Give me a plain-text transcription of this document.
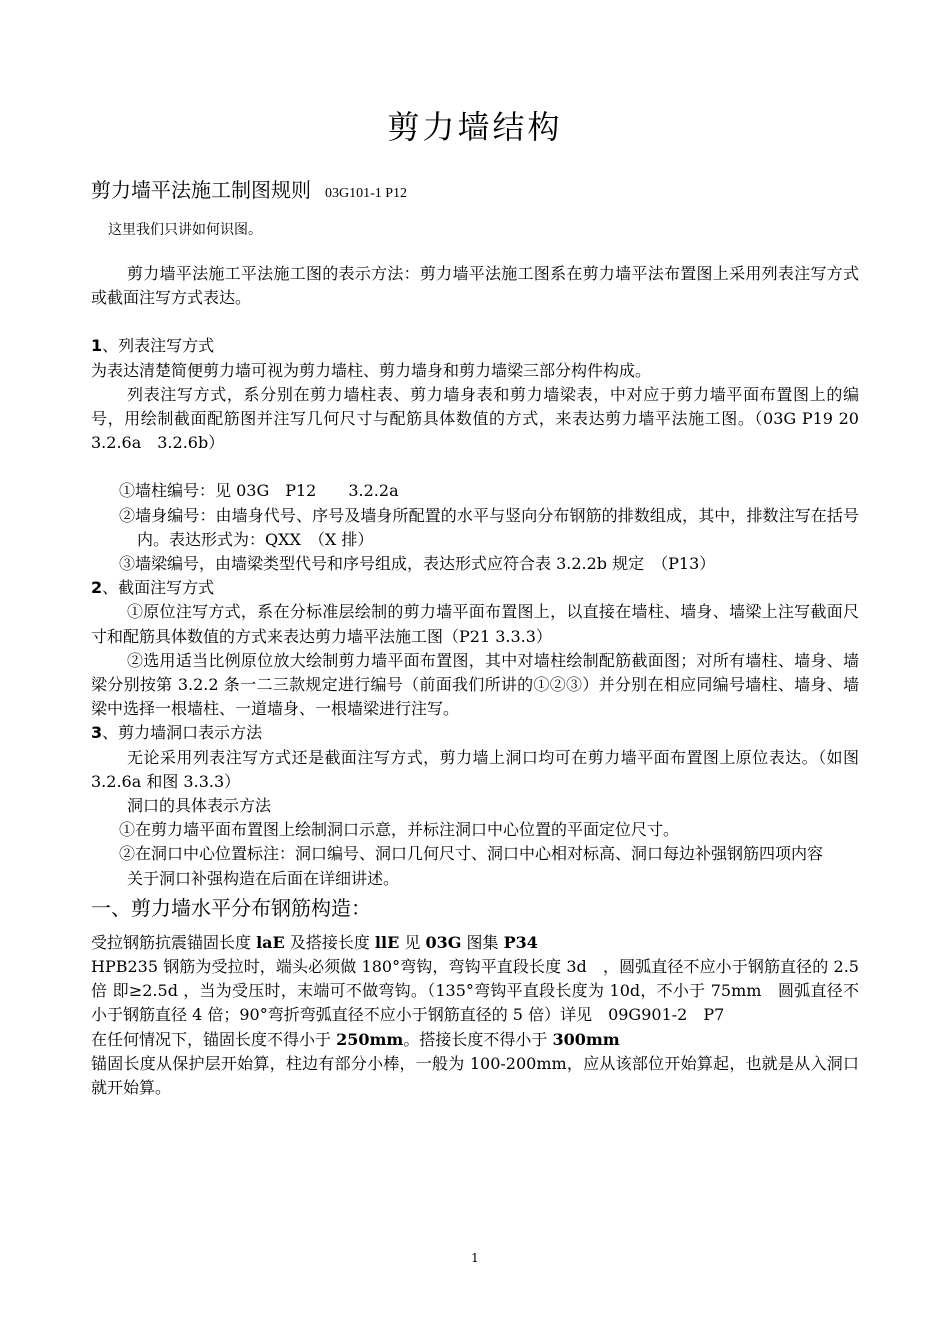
剪力墙结构
剪力墙平法施工制图规则 03G101-1 P12
这里我们只讲如何识图。

剪力墙平法施工平法施工图的表示方法：剪力墙平法施工图系在剪力墙平法布置图上采用列表注写方式或截面注写方式表达。

1、列表注写方式

为表达清楚简便剪力墙可视为剪力墙柱、剪力墙身和剪力墙梁三部分构件构成。

列表注写方式，系分别在剪力墙柱表、剪力墙身表和剪力墙梁表，中对应于剪力墙平面布置图上的编号，用绘制截面配筋图并注写几何尺寸与配筋具体数值的方式，来表达剪力墙平法施工图。（03G P19 20　3.2.6a　3.2.6b）

①墙柱编号：见 03G　P12　　3.2.2a

②墙身编号：由墙身代号、序号及墙身所配置的水平与竖向分布钢筋的排数组成，其中，排数注写在括号内。表达形式为：QXX　（X 排）

③墙梁编号，由墙梁类型代号和序号组成，表达形式应符合表 3.2.2b 规定　（P13）

2、截面注写方式

①原位注写方式，系在分标准层绘制的剪力墙平面布置图上，以直接在墙柱、墙身、墙梁上注写截面尺寸和配筋具体数值的方式来表达剪力墙平法施工图（P21 3.3.3）

②选用适当比例原位放大绘制剪力墙平面布置图，其中对墙柱绘制配筋截面图；对所有墙柱、墙身、墙梁分别按第 3.2.2 条一二三款规定进行编号（前面我们所讲的①②③）并分别在相应同编号墙柱、墙身、墙梁中选择一根墙柱、一道墙身、一根墙梁进行注写。

3、剪力墙洞口表示方法

无论采用列表注写方式还是截面注写方式，剪力墙上洞口均可在剪力墙平面布置图上原位表达。（如图 3.2.6a 和图 3.3.3）

洞口的具体表示方法

①在剪力墙平面布置图上绘制洞口示意，并标注洞口中心位置的平面定位尺寸。

②在洞口中心位置标注：洞口编号、洞口几何尺寸、洞口中心相对标高、洞口每边补强钢筋四项内容

关于洞口补强构造在后面在详细讲述。

一、剪力墙水平分布钢筋构造：

受拉钢筋抗震锚固长度 laE 及搭接长度 llE 见 03G 图集 P34

HPB235 钢筋为受拉时，端头必须做 180°弯钩，弯钩平直段长度 3d　，圆弧直径不应小于钢筋直径的 2.5 倍 即≥2.5d ，当为受压时，末端可不做弯钩。（135°弯钩平直段长度为 10d，不小于 75mm　圆弧直径不小于钢筋直径 4 倍；90°弯折弯弧直径不应小于钢筋直径的 5 倍）详见　09G901-2　P7

在任何情况下，锚固长度不得小于 250mm。搭接长度不得小于 300mm

锚固长度从保护层开始算，柱边有部分小棒，一般为 100-200mm，应从该部位开始算起，也就是从入洞口就开始算。

1
